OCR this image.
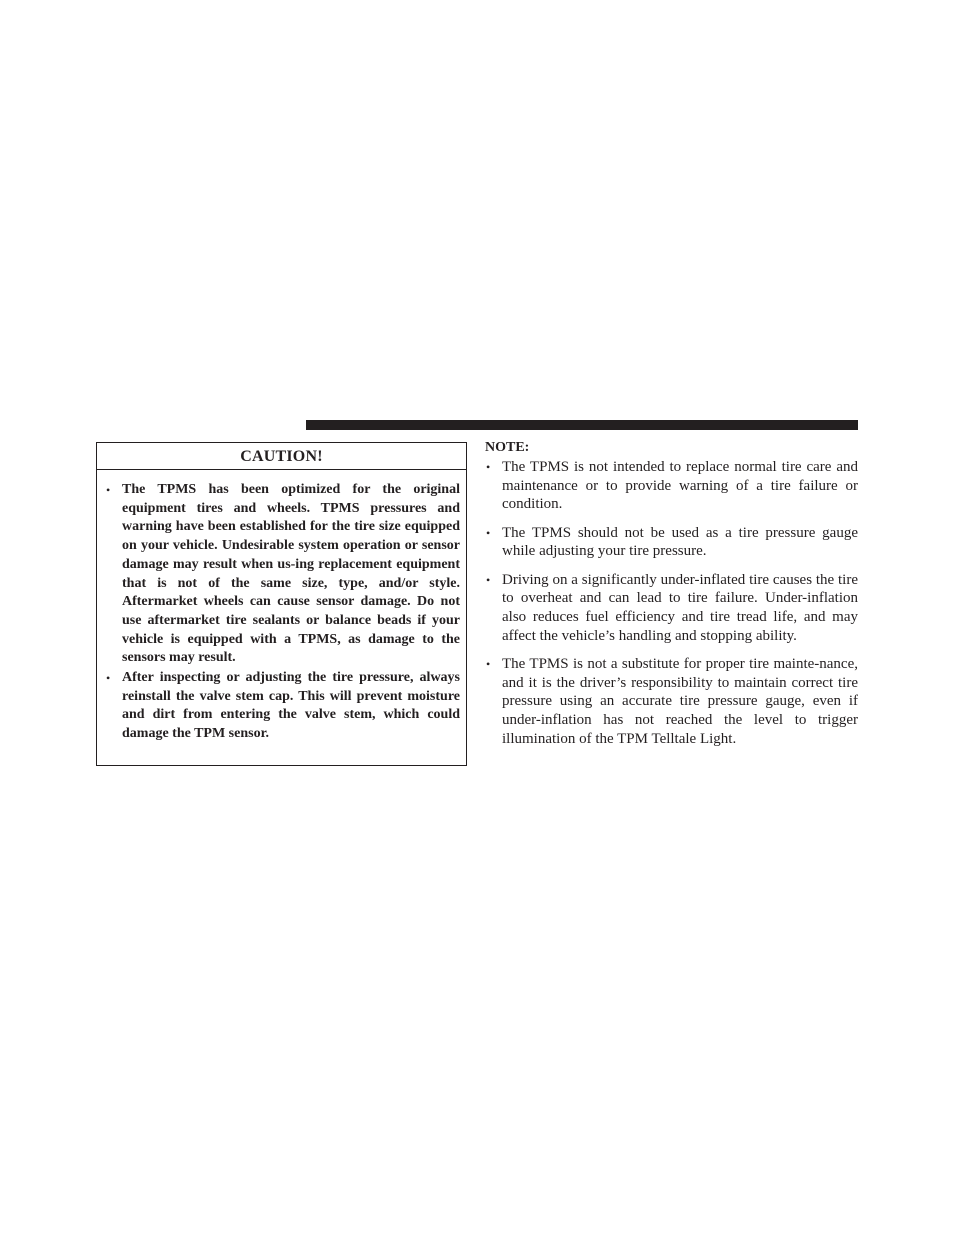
CAUTION!
• The TPMS has been optimized for the original equipment tires and wheels. TPMS pressures and warning have been established for the tire size equipped on your vehicle. Undesirable system operation or sensor damage may result when us-ing replacement equipment that is not of the same size, type, and/or style. Aftermarket wheels can cause sensor damage. Do not use aftermarket tire sealants or balance beads if your vehicle is equipped with a TPMS, as damage to the sensors may result.
• After inspecting or adjusting the tire pressure, always reinstall the valve stem cap. This will prevent moisture and dirt from entering the valve stem, which could damage the TPM sensor.
NOTE:
• The TPMS is not intended to replace normal tire care and maintenance or to provide warning of a tire failure or condition.
• The TPMS should not be used as a tire pressure gauge while adjusting your tire pressure.
• Driving on a significantly under-inflated tire causes the tire to overheat and can lead to tire failure. Under-inflation also reduces fuel efficiency and tire tread life, and may affect the vehicle’s handling and stopping ability.
• The TPMS is not a substitute for proper tire mainte-nance, and it is the driver’s responsibility to maintain correct tire pressure using an accurate tire pressure gauge, even if under-inflation has not reached the level to trigger illumination of the TPM Telltale Light.
